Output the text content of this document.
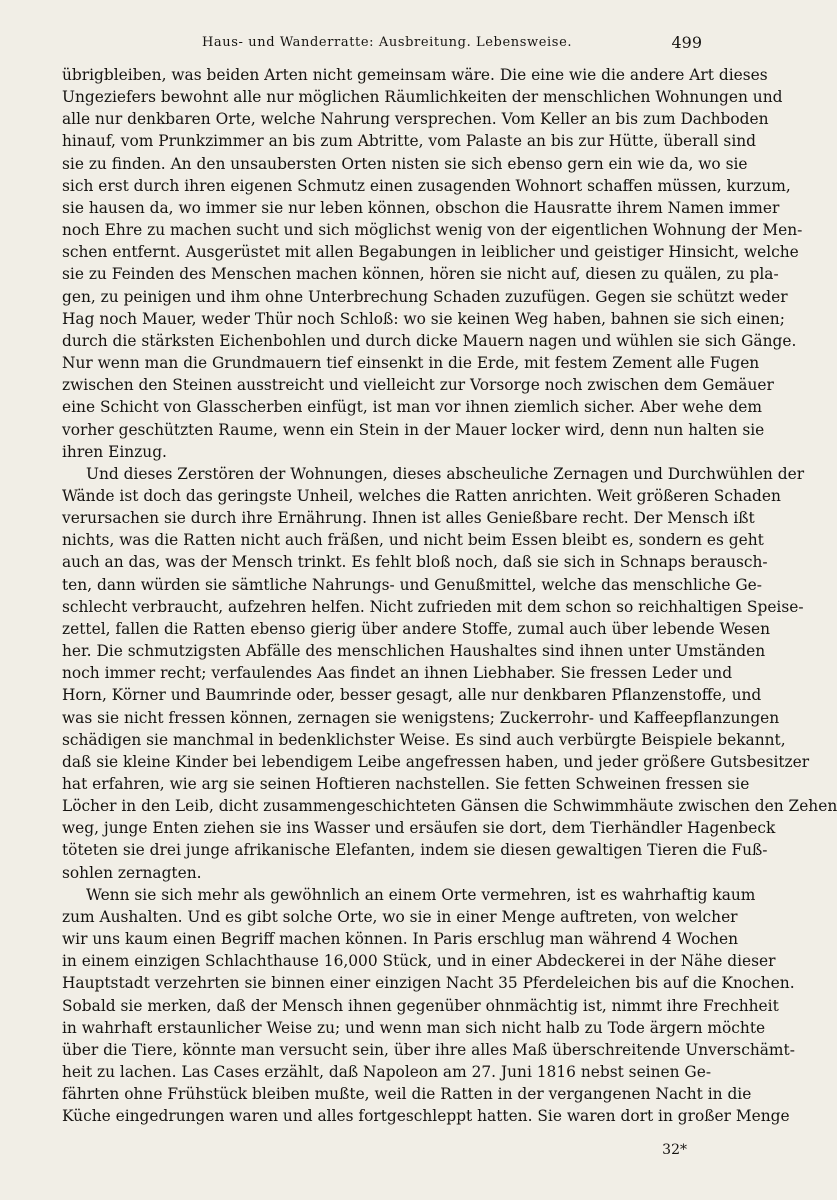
Haus- und Wanderratte: Ausbreitung. Lebensweise.	499
übrigbleiben, was beiden Arten nicht gemeinsam wäre. Die eine wie die andere Art dieses
Ungeziefers bewohnt alle nur möglichen Räumlichkeiten der menschlichen Wohnungen und
alle nur denkbaren Orte, welche Nahrung versprechen. Vom Keller an bis zum Dachboden
hinauf, vom Prunkzimmer an bis zum Abtritte, vom Palaste an bis zur Hütte, überall sind
sie zu finden. An den unsaubersten Orten nisten sie sich ebenso gern ein wie da, wo sie
sich erst durch ihren eigenen Schmutz einen zusagenden Wohnort schaffen müssen, kurzum,
sie hausen da, wo immer sie nur leben können, obschon die Hausratte ihrem Namen immer
noch Ehre zu machen sucht und sich möglichst wenig von der eigentlichen Wohnung der Men-
schen entfernt. Ausgerüstet mit allen Begabungen in leiblicher und geistiger Hinsicht, welche
sie zu Feinden des Menschen machen können, hören sie nicht auf, diesen zu quälen, zu pla-
gen, zu peinigen und ihm ohne Unterbrechung Schaden zuzufügen. Gegen sie schützt weder
Hag noch Mauer, weder Thür noch Schloß: wo sie keinen Weg haben, bahnen sie sich einen;
durch die stärksten Eichenbohlen und durch dicke Mauern nagen und wühlen sie sich Gänge.
Nur wenn man die Grundmauern tief einsenkt in die Erde, mit festem Zement alle Fugen
zwischen den Steinen ausstreicht und vielleicht zur Vorsorge noch zwischen dem Gemäuer
eine Schicht von Glasscherben einfügt, ist man vor ihnen ziemlich sicher. Aber wehe dem
vorher geschützten Raume, wenn ein Stein in der Mauer locker wird, denn nun halten sie
ihren Einzug.
Und dieses Zerstören der Wohnungen, dieses abscheuliche Zernagen und Durchwühlen der
Wände ist doch das geringste Unheil, welches die Ratten anrichten. Weit größeren Schaden
verursachen sie durch ihre Ernährung. Ihnen ist alles Genießbare recht. Der Mensch ißt
nichts, was die Ratten nicht auch fräßen, und nicht beim Essen bleibt es, sondern es geht
auch an das, was der Mensch trinkt. Es fehlt bloß noch, daß sie sich in Schnaps berausch-
ten, dann würden sie sämtliche Nahrungs- und Genußmittel, welche das menschliche Ge-
schlecht verbraucht, aufzehren helfen. Nicht zufrieden mit dem schon so reichhaltigen Speise-
zettel, fallen die Ratten ebenso gierig über andere Stoffe, zumal auch über lebende Wesen
her. Die schmutzigsten Abfälle des menschlichen Haushaltes sind ihnen unter Umständen
noch immer recht; verfaulendes Aas findet an ihnen Liebhaber. Sie fressen Leder und
Horn, Körner und Baumrinde oder, besser gesagt, alle nur denkbaren Pflanzenstoffe, und
was sie nicht fressen können, zernagen sie wenigstens; Zuckerrohr- und Kaffeepflanzungen
schädigen sie manchmal in bedenklichster Weise. Es sind auch verbürgte Beispiele bekannt,
daß sie kleine Kinder bei lebendigem Leibe angefressen haben, und jeder größere Gutsbesitzer
hat erfahren, wie arg sie seinen Hoftieren nachstellen. Sie fetten Schweinen fressen sie
Löcher in den Leib, dicht zusammengeschichteten Gänsen die Schwimmhäute zwischen den Zehen
weg, junge Enten ziehen sie ins Wasser und ersäufen sie dort, dem Tierhändler Hagenbeck
töteten sie drei junge afrikanische Elefanten, indem sie diesen gewaltigen Tieren die Fuß-
sohlen zernagten.
Wenn sie sich mehr als gewöhnlich an einem Orte vermehren, ist es wahrhaftig kaum
zum Aushalten. Und es gibt solche Orte, wo sie in einer Menge auftreten, von welcher
wir uns kaum einen Begriff machen können. In Paris erschlug man während 4 Wochen
in einem einzigen Schlachthause 16,000 Stück, und in einer Abdeckerei in der Nähe dieser
Hauptstadt verzehrten sie binnen einer einzigen Nacht 35 Pferdeleichen bis auf die Knochen.
Sobald sie merken, daß der Mensch ihnen gegenüber ohnmächtig ist, nimmt ihre Frechheit
in wahrhaft erstaunlicher Weise zu; und wenn man sich nicht halb zu Tode ärgern möchte
über die Tiere, könnte man versucht sein, über ihre alles Maß überschreitende Unverschämt-
heit zu lachen. Las Cases erzählt, daß Napoleon am 27. Juni 1816 nebst seinen Ge-
fährten ohne Frühstück bleiben mußte, weil die Ratten in der vergangenen Nacht in die
Küche eingedrungen waren und alles fortgeschleppt hatten. Sie waren dort in großer Menge
32*
